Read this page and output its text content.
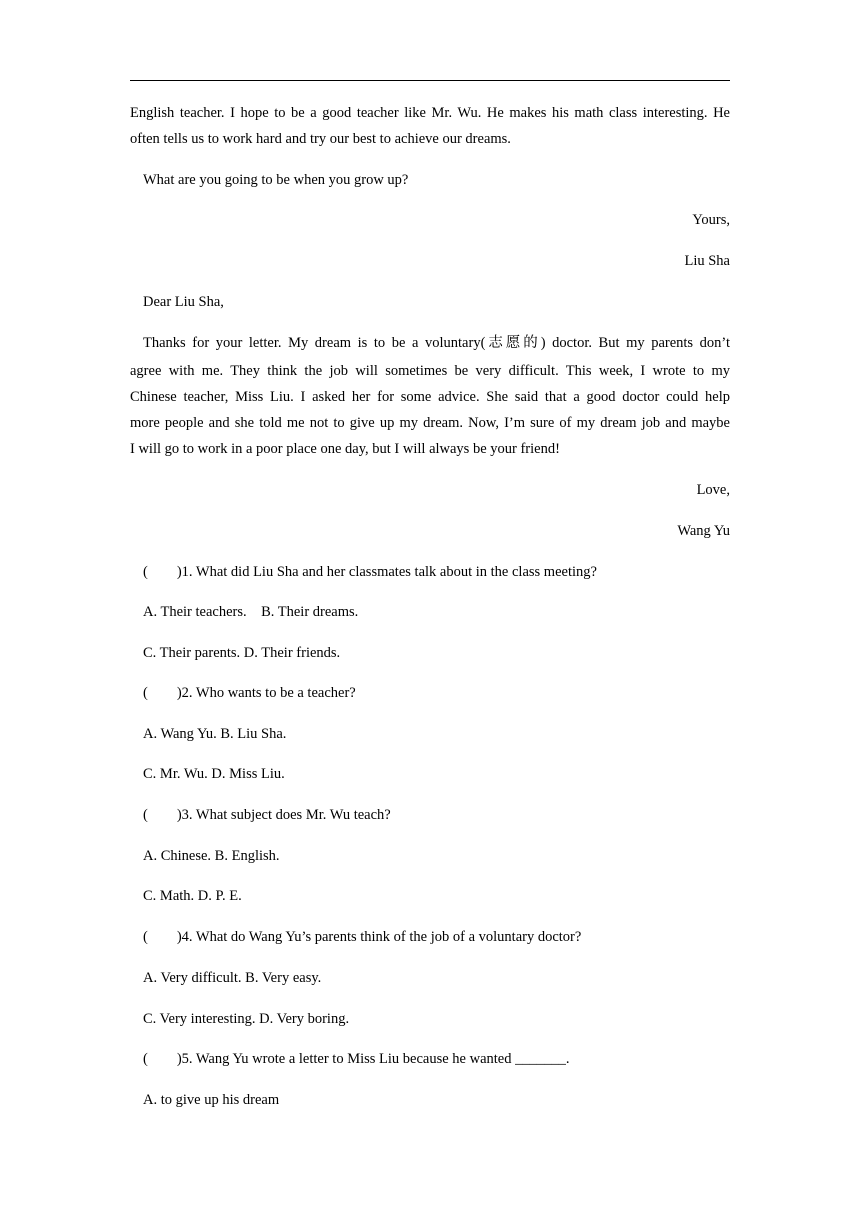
English teacher. I hope to be a good teacher like Mr. Wu. He makes his math class interesting. He
often tells us to work hard and try our best to achieve our dreams.
What are you going to be when you grow up?
Yours,
Liu Sha
Dear Liu Sha,
Thanks for your letter. My dream is to be a voluntary(志愿的) doctor. But my parents don’t
agree with me. They think the job will sometimes be very difficult. This week, I wrote to my
Chinese teacher, Miss Liu. I asked her for some advice. She said that a good doctor could help
more people and she told me not to give up my dream. Now, I’m sure of my dream job and maybe
I will go to work in a poor place one day, but I will always be your friend!
Love,
Wang Yu
(　　)1. What did Liu Sha and her classmates talk about in the class meeting?
A. Their teachers.　B. Their dreams.
C. Their parents. D. Their friends.
(　　)2. Who wants to be a teacher?
A. Wang Yu. B. Liu Sha.
C. Mr. Wu. D. Miss Liu.
(　　)3. What subject does Mr. Wu teach?
A. Chinese. B. English.
C. Math. D. P. E.
(　　)4. What do Wang Yu’s parents think of the job of a voluntary doctor?
A. Very difficult. B. Very easy.
C. Very interesting. D. Very boring.
(　　)5. Wang Yu wrote a letter to Miss Liu because he wanted _______.
A. to give up his dream
